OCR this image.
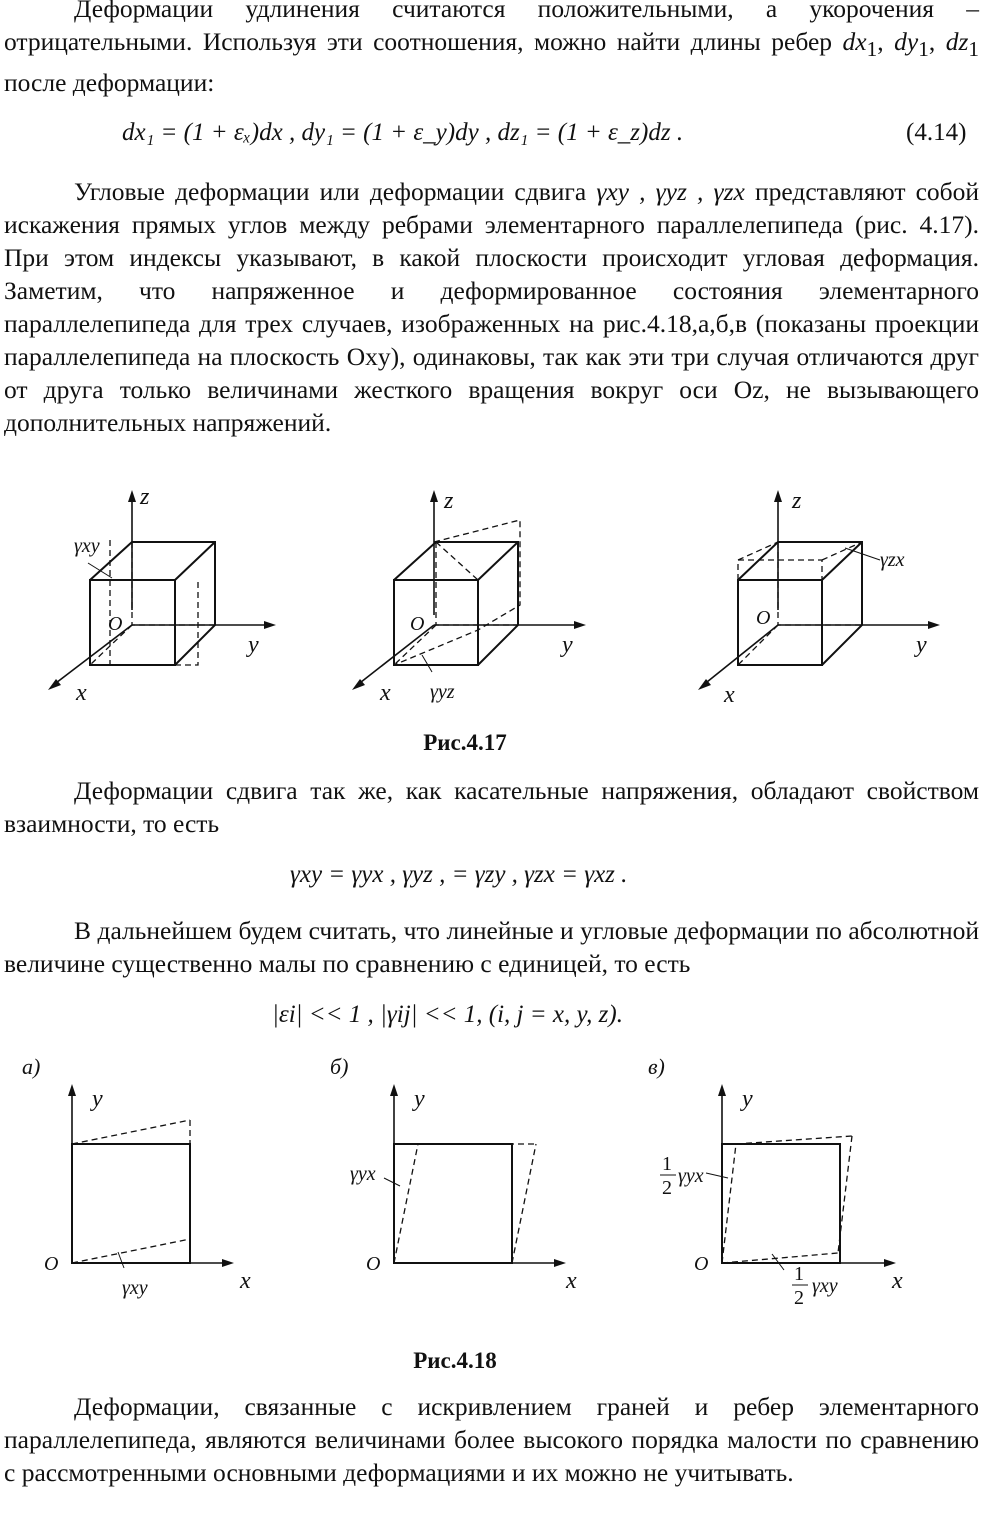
Деформации удлинения считаются положительными, а укорочения – отрицательными. Используя эти соотношения, можно найти длины ребер $dx_1$, $dy_1$, $dz_1$ после деформации:
dx₁ = (1 + εₓ)dx , dy₁ = (1 + ε_y)dy , dz₁ = (1 + ε_z)dz .	(4.14)
Угловые деформации или деформации сдвига γxy , γyz , γzx представляют собой искажения прямых углов между ребрами элементарного параллелепипеда (рис. 4.17). При этом индексы указывают, в какой плоскости происходит угловая деформация. Заметим, что напряженное и деформированное состояния элементарного параллелепипеда для трех случаев, изображенных на рис.4.18,а,б,в (показаны проекции параллелепипеда на плоскость Oxy), одинаковы, так как эти три случая отличаются друг от друга только величинами жесткого вращения вокруг оси Oz, не вызывающего дополнительных напряжений.
z
y
x
O
γxy
z
y
x
O
γyz
z
y
x
O
γzx
Рис.4.17
Деформации сдвига так же, как касательные напряжения, обладают свойством взаимности, то есть
γxy = γyx , γyz , = γzy , γzx = γxz .
В дальнейшем будем считать, что линейные и угловые деформации по абсолютной величине существенно малы по сравнению с единицей, то есть
|εi| << 1 , |γij| << 1, (i, j = x, y, z).
а)
y
x
O
γxy
б)
y
x
O
γyx
в)
y
x
O
1
2
γyx
1
2
γxy
Рис.4.18
Деформации, связанные с искривлением граней и ребер элементарного параллелепипеда, являются величинами более высокого порядка малости по сравнению с рассмотренными основными деформациями и их можно не учитывать.
